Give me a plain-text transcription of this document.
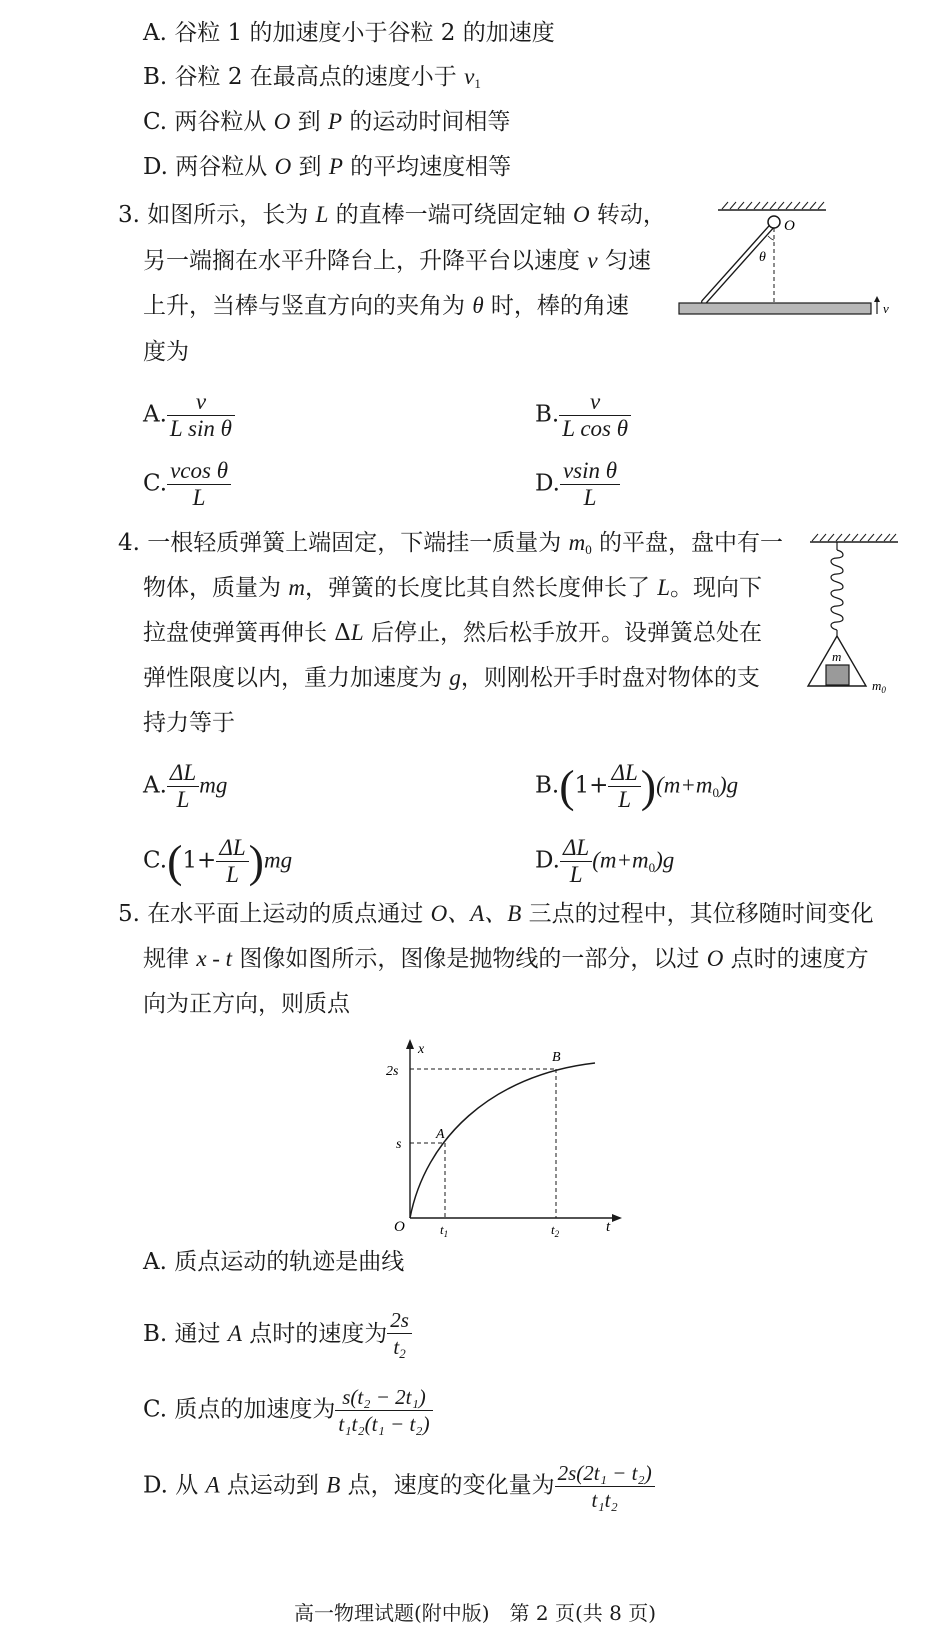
A. 谷粒 1 的加速度小于谷粒 2 的加速度
B. 谷粒 2 在最高点的速度小于 v1
C. 两谷粒从 O 到 P 的运动时间相等
D. 两谷粒从 O 到 P 的平均速度相等
3. 如图所示，长为 L 的直棒一端可绕固定轴 O 转动，
另一端搁在水平升降台上，升降平台以速度 v 匀速
上升，当棒与竖直方向的夹角为 θ 时，棒的角速
度为
O
θ
v
A. $\frac{v}{\text{L sin θ}}$	B. $\frac{v}{\text{L cos θ}}$
C. $\frac{\text{vcos θ}}{L}$	D. $\frac{\text{vsin θ}}{L}$
4. 一根轻质弹簧上端固定，下端挂一质量为 m0 的平盘，盘中有一
物体，质量为 m，弹簧的长度比其自然长度伸长了 L。现向下
拉盘使弹簧再伸长 ΔL 后停止，然后松手放开。设弹簧总处在
弹性限度以内，重力加速度为 g，则刚松开手时盘对物体的支
持力等于
m
$m_0$
A. $\frac{\Delta L}{L}$ mg	$B.(1+ \frac{\Delta L}{L} )(m+m0)g$
$C.(1+ \frac{\Delta L}{L} )mg$	D. $\frac{\Delta L}{L} (m+m0)g$
5. 在水平面上运动的质点通过 O、A、B 三点的过程中，其位移随时间变化
规律 x - t 图像如图所示，图像是抛物线的一部分，以过 O 点时的速度方
向为正方向，则质点
x
t
O
2s
s
$t_1$	$t_2$
A
B
A. 质点运动的轨迹是曲线
B. 通过 A 点时的速度为 $\frac{2s}{t2}$
C. 质点的加速度为 $\frac{\text{s(t₂ − 2t₁)}}{\text{t₁t₂(t₁ − t₂)}}$
D. 从 A 点运动到 B 点，速度的变化量为 $\frac{\text{2s(2t₁ − t₂)}}{\text{t₁t₂}}$
高一物理试题(附中版)　第 2 页(共 8 页)
